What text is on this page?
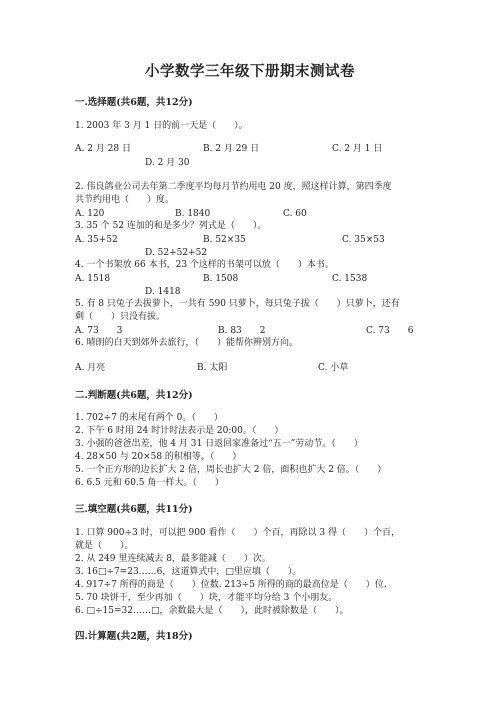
小学数学三年级下册期末测试卷
一.选择题(共6题，共12分)
1. 2003 年 3 月 1 日的前一天是（　　）。
A. 2 月 28 日	B. 2 月 29 日	C. 2 月 1 日
D. 2 月 30
2. 伟良鸽业公司去年第二季度平均每月节约用电 20 度，照这样计算，第四季度
共节约用电（　　）度。
A. 120	B. 1840	C. 60
3. 35 个 52 连加的和是多少？列式是（　　）。
A. 35+52	B. 52×35	C. 35×53
D. 52+52+52
4. 一个书架放 66 本书，23 个这样的书架可以放（　　）本书。
A. 1518	B. 1508	C. 1538
D. 1418
5. 有 8 只兔子去拔萝卜，一共有 590 只萝卜，每只兔子拔（　　）只萝卜，还有
剩（　　）只没有拔。
A. 73　　3	B. 83　　2	C. 73　　6
6. 晴朗的白天到郊外去旅行，（　　）能帮你辨别方向。
A. 月亮	B. 太阳	C. 小草
二.判断题(共6题，共12分)
1. 702÷7 的末尾有两个 0。（　　）
2. 下午 6 时用 24 时计时法表示是 20:00。（　　）
3. 小强的爸爸出差，他 4 月 31 日返回家准备过“五一”劳动节。（　　）
4. 28×50 与 20×58 的积相等。（　　）
5. 一个正方形的边长扩大 2 倍，周长也扩大 2 倍，面积也扩大 2 倍。（　　）
6. 6.5 元和 60.5 角一样大。（　　）
三.填空题(共6题，共11分)
1. 口算 900÷3 时，可以把 900 看作（　　）个百，再除以 3 得（　　）个百，
就是（　　）。
2. 从 249 里连续减去 8，最多能减（　　）次。
3. 16□÷7=23……6，这道算式中，□里应填（　　）。
4. 917÷7 所得的商是（　　）位数. 213÷5 所得的商的最高位是（　　）位.
5. 70 块饼干，至少再加（　　）块，才能平均分给 3 个小朋友。
6. □÷15=32……□，余数最大是（　　），此时被除数是（　　）。
四.计算题(共2题，共18分)
